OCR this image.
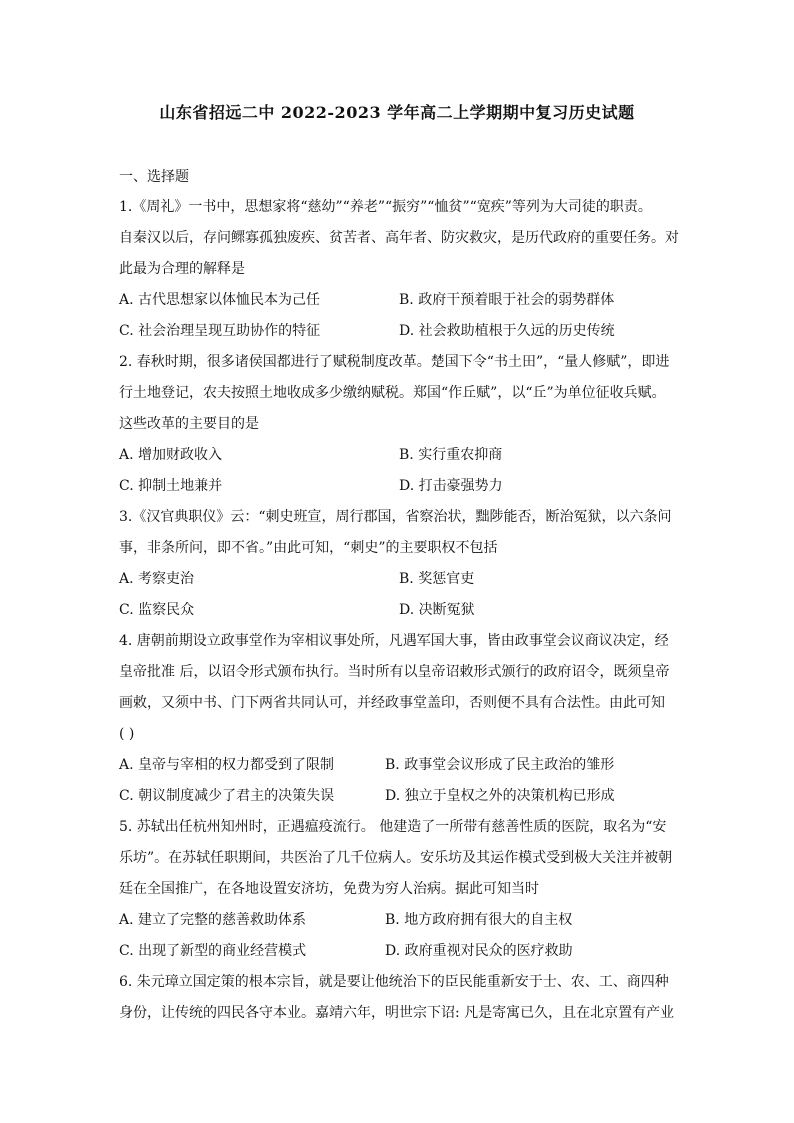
山东省招远二中 2022-2023 学年高二上学期期中复习历史试题
一、选择题
1.《周礼》一书中，思想家将“慈幼”“养老”“振穷”“恤贫”“宽疾”等列为大司徒的职责。
自秦汉以后，存问鳏寡孤独废疾、贫苦者、高年者、防灾救灾，是历代政府的重要任务。对
此最为合理的解释是
A. 古代思想家以体恤民本为己任	B. 政府干预着眼于社会的弱势群体
C. 社会治理呈现互助协作的特征	D. 社会救助植根于久远的历史传统
2. 春秋时期，很多诸侯国都进行了赋税制度改革。楚国下令“书土田”，“量人修赋”，即进
行土地登记，农夫按照土地收成多少缴纳赋税。郑国“作丘赋”，以“丘”为单位征收兵赋。
这些改革的主要目的是
A. 增加财政收入	B. 实行重农抑商
C. 抑制土地兼并	D. 打击豪强势力
3.《汉官典职仪》云：“刺史班宣，周行郡国，省察治状，黜陟能否，断治冤狱，以六条问
事，非条所问，即不省。”由此可知，“刺史”的主要职权不包括
A. 考察吏治	B. 奖惩官吏
C. 监察民众	D. 决断冤狱
4. 唐朝前期设立政事堂作为宰相议事处所，凡遇军国大事，皆由政事堂会议商议决定，经
皇帝批准 后，以诏令形式颁布执行。当时所有以皇帝诏敕形式颁行的政府诏令，既须皇帝
画敕，又须中书、门下两省共同认可，并经政事堂盖印，否则便不具有合法性。由此可知
( )
A. 皇帝与宰相的权力都受到了限制	B. 政事堂会议形成了民主政治的雏形
C. 朝议制度减少了君主的决策失误	D. 独立于皇权之外的决策机构已形成
5. 苏轼出任杭州知州时，正遇瘟疫流行。 他建造了一所带有慈善性质的医院，取名为“安
乐坊”。在苏轼任职期间，共医治了几千位病人。安乐坊及其运作模式受到极大关注并被朝
廷在全国推广，在各地设置安济坊，免费为穷人治病。据此可知当时
A. 建立了完整的慈善救助体系	B. 地方政府拥有很大的自主权
C. 出现了新型的商业经营模式	D. 政府重视对民众的医疗救助
6. 朱元璋立国定策的根本宗旨，就是要让他统治下的臣民能重新安于士、农、工、商四种
身份，让传统的四民各守本业。嘉靖六年，明世宗下诏: 凡是寄寓已久，且在北京置有产业
